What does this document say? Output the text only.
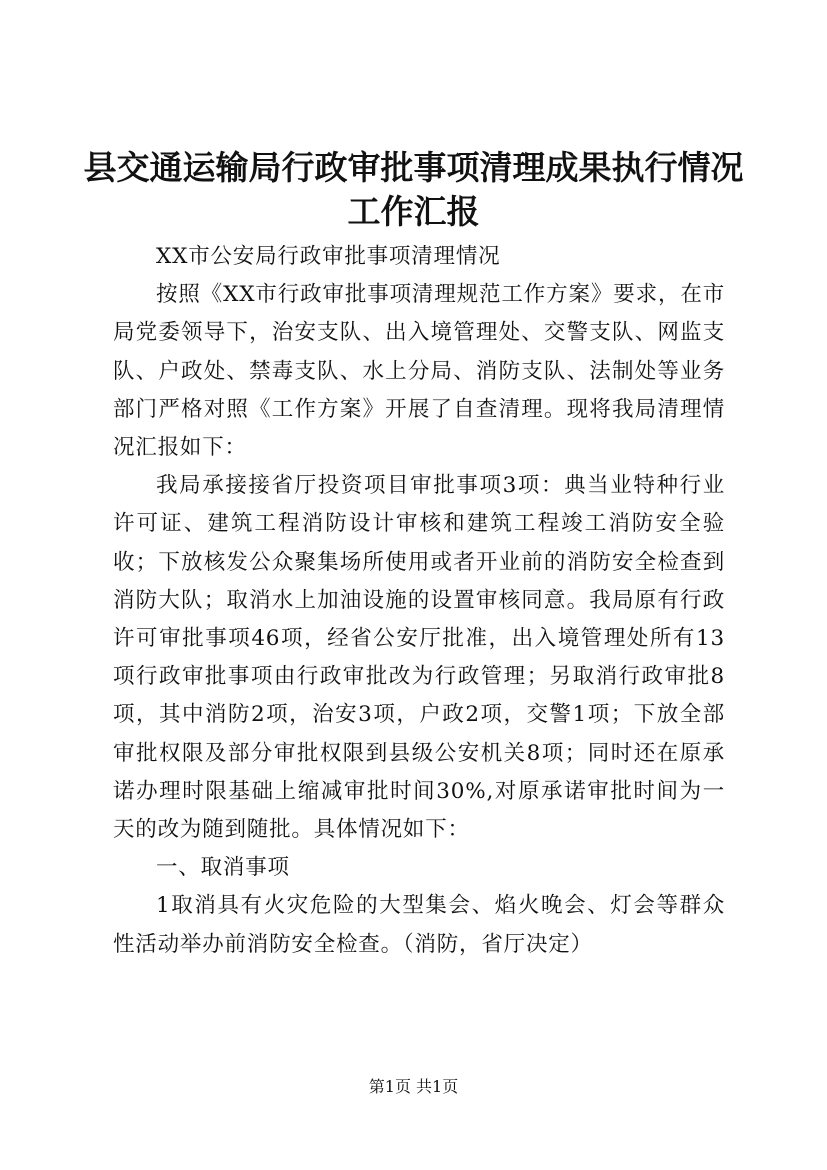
县交通运输局行政审批事项清理成果执行情况工作汇报

XX市公安局行政审批事项清理情况

按照《XX市行政审批事项清理规范工作方案》要求，在市局党委领导下，治安支队、出入境管理处、交警支队、网监支队、户政处、禁毒支队、水上分局、消防支队、法制处等业务部门严格对照《工作方案》开展了自查清理。现将我局清理情况汇报如下：

我局承接接省厅投资项目审批事项3项：典当业特种行业许可证、建筑工程消防设计审核和建筑工程竣工消防安全验收；下放核发公众聚集场所使用或者开业前的消防安全检查到消防大队；取消水上加油设施的设置审核同意。我局原有行政许可审批事项46项，经省公安厅批准，出入境管理处所有13项行政审批事项由行政审批改为行政管理；另取消行政审批8项，其中消防2项，治安3项，户政2项，交警1项；下放全部审批权限及部分审批权限到县级公安机关8项；同时还在原承诺办理时限基础上缩减审批时间30%,对原承诺审批时间为一天的改为随到随批。具体情况如下：

一、取消事项

1取消具有火灾危险的大型集会、焰火晚会、灯会等群众性活动举办前消防安全检查。（消防，省厅决定）

第1页 共1页
